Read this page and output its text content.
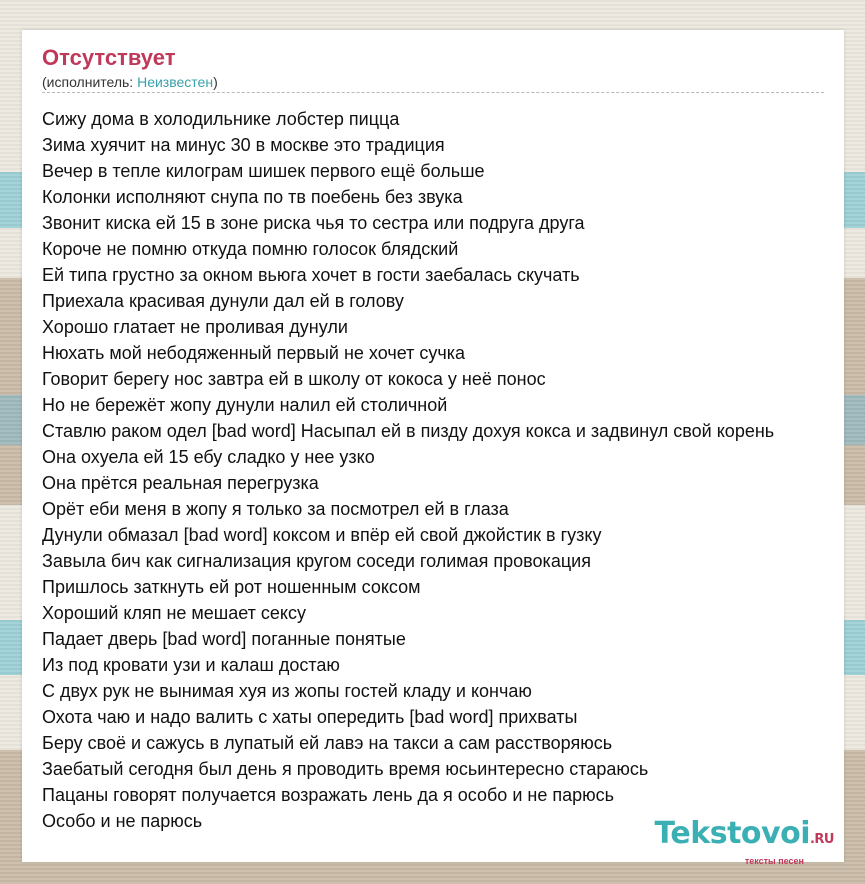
Отсутствует
(исполнитель: Неизвестен)
Сижу дома в холодильнике лобстер пицца
Зима хуячит на минус 30 в москве это традиция
Вечер в тепле килограм шишек первого ещё больше
Колонки исполняют снупа по тв поебень без звука
Звонит киска ей 15 в зоне риска чья то сестра или подруга друга
Короче не помню откуда помню голосок блядский
Ей типа грустно за окном вьюга хочет в гости заебалась скучать
Приехала красивая дунули дал ей в голову
Хорошо глатает не проливая дунули
Нюхать мой небодяженный первый не хочет сучка
Говорит берегу нос завтра ей в школу от кокоса у неё понос
Но не бережёт жопу дунули налил ей столичной
Ставлю раком одел [bad word] Насыпал ей в пизду дохуя кокса и задвинул свой корень
Она охуела ей 15 ебу сладко у нее узко
Она прётся реальная перегрузка
Орёт еби меня в жопу я только за посмотрел ей в глаза
Дунули обмазал [bad word] коксом и впёр ей свой джойстик в гузку
Завыла бич как сигнализация кругом соседи голимая провокация
Пришлось заткнуть ей рот ношенным соксом
Хороший кляп не мешает сексу
Падает дверь [bad word] поганные понятые
Из под кровати узи и калаш достаю
С двух рук не вынимая хуя из жопы гостей кладу и кончаю
Охота чаю и надо валить с хаты опередить [bad word] прихваты
Беру своё и сажусь в лупатый ей лавэ на такси а сам расстворяюсь
Заебатый сегодня был день я проводить время юсьинтересно стараюсь
Пацаны говорят получается возражать лень да я особо и не парюсь
Особо и не парюсь	Tekstovoi.RU
тексты песен
